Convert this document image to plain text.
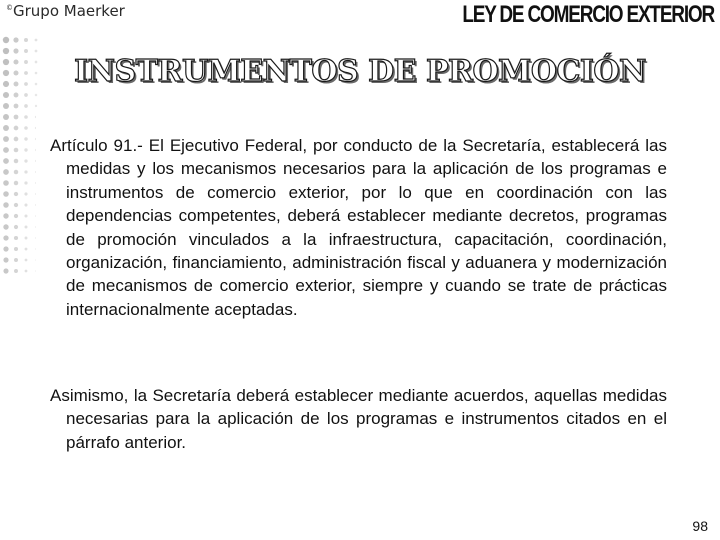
©Grupo Maerker	LEY DE COMERCIO EXTERIOR
INSTRUMENTOS DE PROMOCIÓN

Artículo 91.- El Ejecutivo Federal, por conducto de la Secretaría, establecerá las medidas y los mecanismos necesarios para la aplicación de los programas e instrumentos de comercio exterior, por lo que en coordinación con las dependencias competentes, deberá establecer mediante decretos, programas de promoción vinculados a la infraestructura, capacitación, coordinación, organización, financiamiento, administración fiscal y aduanera y modernización de mecanismos de comercio exterior, siempre y cuando se trate de prácticas internacionalmente aceptadas.

Asimismo, la Secretaría deberá establecer mediante acuerdos, aquellas medidas necesarias para la aplicación de los programas e instrumentos citados en el párrafo anterior.

98
